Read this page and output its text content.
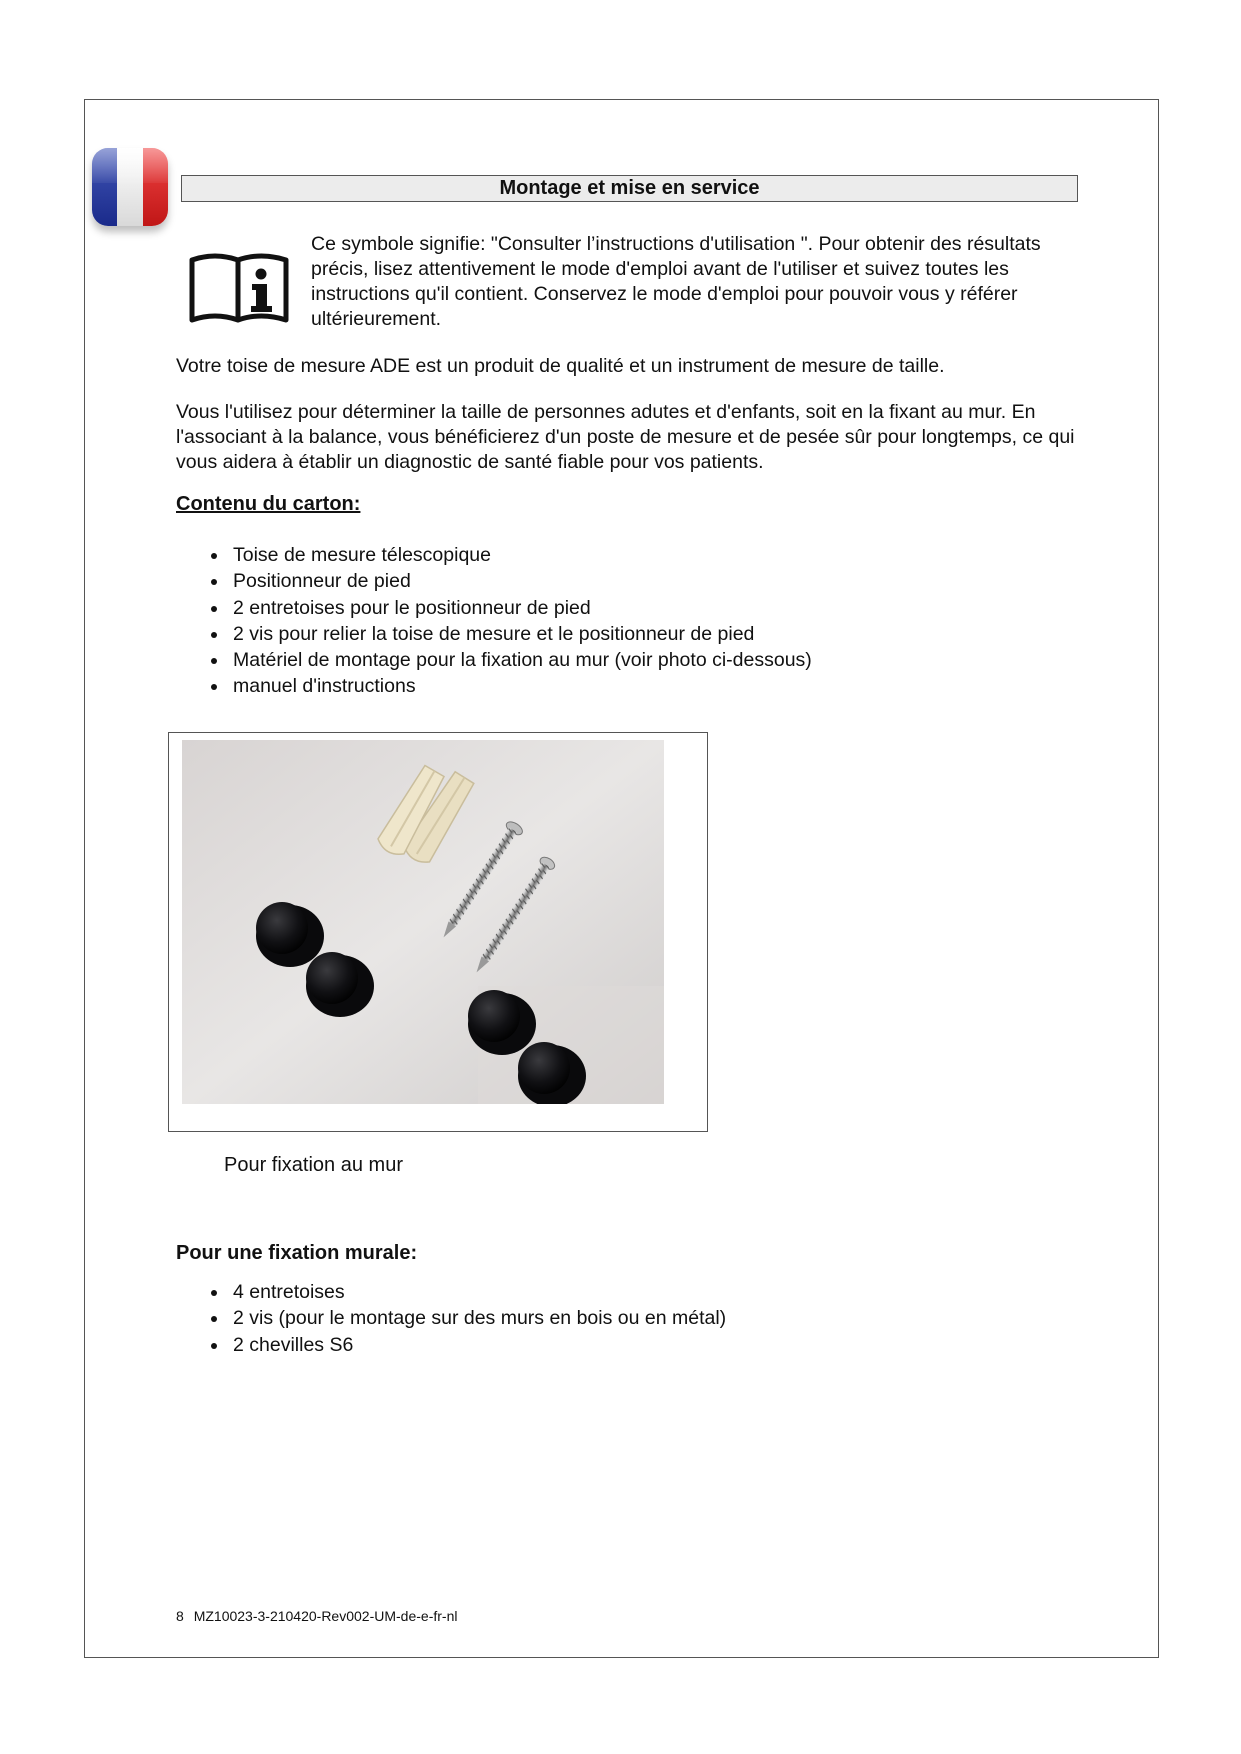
Montage et mise en service

Ce symbole signifie: "Consulter l’instructions d'utilisation ". Pour obtenir des résultats précis, lisez attentivement le mode d'emploi avant de l'utiliser et suivez toutes les instructions qu'il contient. Conservez le mode d'emploi pour pouvoir vous y référer ultérieurement.

Votre toise de mesure ADE est un produit de qualité et un instrument de mesure de taille.

Vous l'utilisez pour déterminer la taille de personnes adutes et d'enfants, soit en la fixant au mur. En l'associant à la balance, vous bénéficierez d'un poste de mesure et de pesée sûr pour longtemps, ce qui vous aidera à établir un diagnostic de santé fiable pour vos patients.

Contenu du carton:

Toise de mesure télescopique
Positionneur de pied
2 entretoises pour le positionneur de pied
2 vis pour relier la toise de mesure et le positionneur de pied
Matériel de montage pour la fixation au mur (voir photo ci-dessous)
manuel d'instructions

Pour fixation au mur

Pour une fixation murale:

4 entretoises
2 vis (pour le montage sur des murs en bois ou en métal)
2 chevilles S6

8 MZ10023-3-210420-Rev002-UM-de-e-fr-nl
